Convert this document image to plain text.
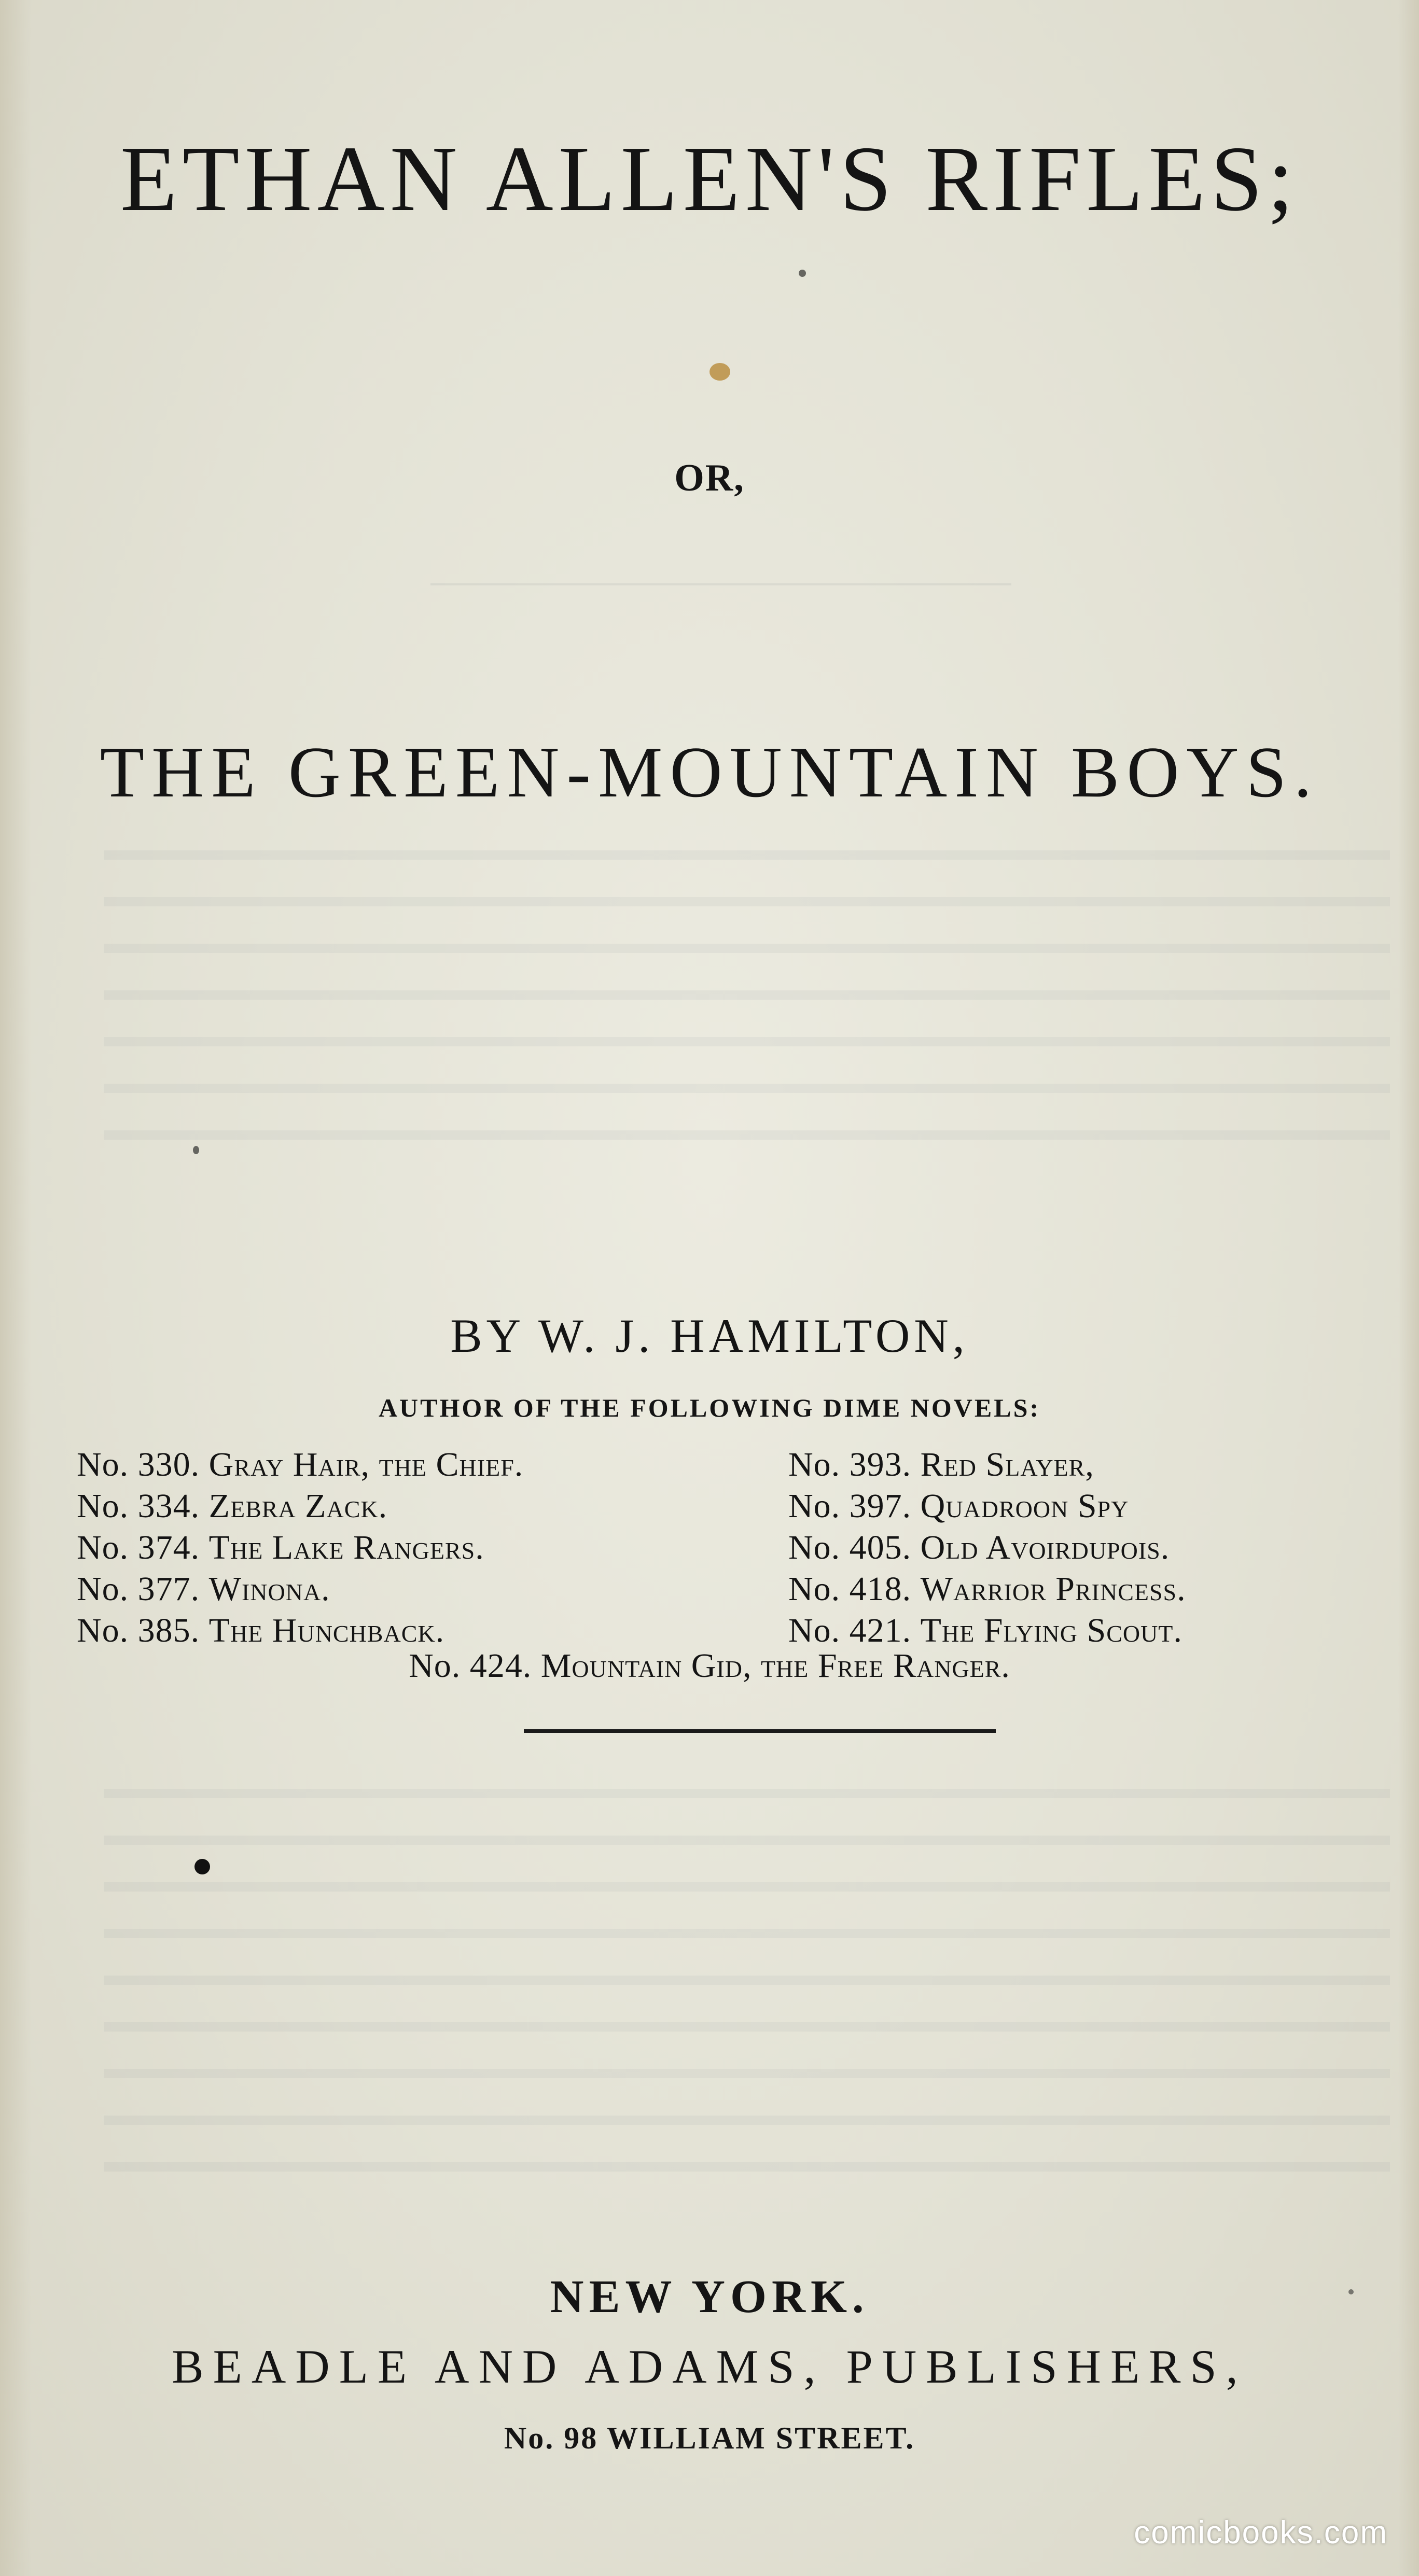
ETHAN ALLEN'S RIFLES;
OR,
THE GREEN-MOUNTAIN BOYS.
BY W. J. HAMILTON,
AUTHOR OF THE FOLLOWING DIME NOVELS:
No. 330. Gray Hair, the Chief.	No. 393. Red Slayer,
No. 334. Zebra Zack.	No. 397. Quadroon Spy
No. 374. The Lake Rangers.	No. 405. Old Avoirdupois.
No. 377. Winona.	No. 418. Warrior Princess.
No. 385. The Hunchback.	No. 421. The Flying Scout.
No. 424. Mountain Gid, the Free Ranger.
NEW YORK.
BEADLE AND ADAMS, PUBLISHERS,
No. 98 WILLIAM STREET.
comicbooks.com
